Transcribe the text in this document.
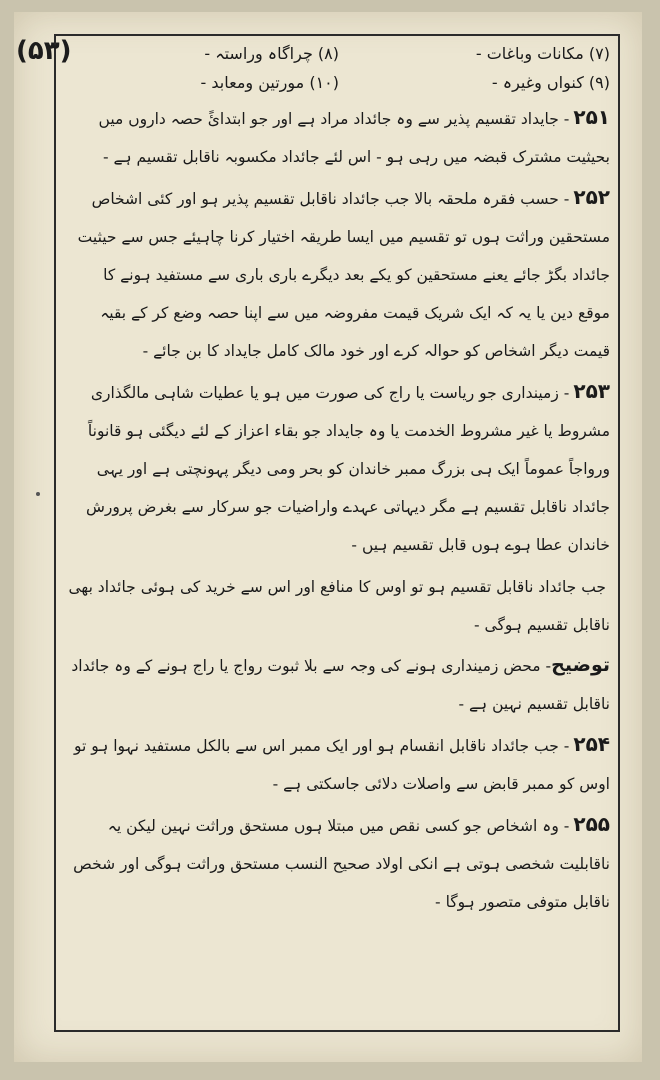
(۵۳)	(۷) مکانات وباغات -
(۸) چراگاہ وراستہ -
(۹) کنواں وغیرہ -
(۱۰) مورتین ومعابد -

۲۵۱- جایداد تقسیم پذیر سے وہ جائداد مراد ہے اور جو ابتدائً حصہ داروں میں بحیثیت مشترک قبضہ میں رہی ہو - اس لئے جائداد مکسوبہ ناقابل تقسیم ہے -

۲۵۲- حسب فقرہ ملحقہ بالا جب جائداد ناقابل تقسیم پذیر ہو اور کئی اشخاص مستحقین وراثت ہوں تو تقسیم میں ایسا طریقہ اختیار کرنا چاہیئے جس سے حیثیت جائداد بگڑ جائے یعنے مستحقین کو یکے بعد دیگرے باری باری سے مستفید ہونے کا موقع دین یا یہ کہ ایک شریک قیمت مفروضہ میں سے اپنا حصہ وضع کر کے بقیہ قیمت دیگر اشخاص کو حوالہ کرے اور خود مالک کامل جایداد کا بن جائے -

۲۵۳- زمینداری جو ریاست یا راج کی صورت میں ہو یا عطیات شاہی مالگذاری مشروط یا غیر مشروط الخدمت یا وہ جایداد جو بقاء اعزاز کے لئے دیگئی ہو قانوناً ورواجاً عموماً ایک ہی بزرگ ممبر خاندان کو بحر ومی دیگر پہونچتی ہے اور یہی جائداد ناقابل تقسیم ہے مگر دیہاتی عہدے واراضیات جو سرکار سے بغرض پرورش خاندان عطا ہوے ہوں قابل تقسیم ہیں -

جب جائداد ناقابل تقسیم ہو تو اوس کا منافع اور اس سے خرید کی ہوئی جائداد بھی ناقابل تقسیم ہوگی -

توضیح- محض زمینداری ہونے کی وجہ سے بلا ثبوت رواج یا راج ہونے کے وہ جائداد ناقابل تقسیم نہین ہے -

۲۵۴- جب جائداد ناقابل انقسام ہو اور ایک ممبر اس سے بالکل مستفید نہوا ہو تو اوس کو ممبر قابض سے واصلات دلائی جاسکتی ہے -

۲۵۵- وہ اشخاص جو کسی نقص میں مبتلا ہوں مستحق وراثت نہین لیکن یہ ناقابلیت شخصی ہوتی ہے انکی اولاد صحیح النسب مستحق وراثت ہوگی اور شخص ناقابل متوفی متصور ہوگا -
